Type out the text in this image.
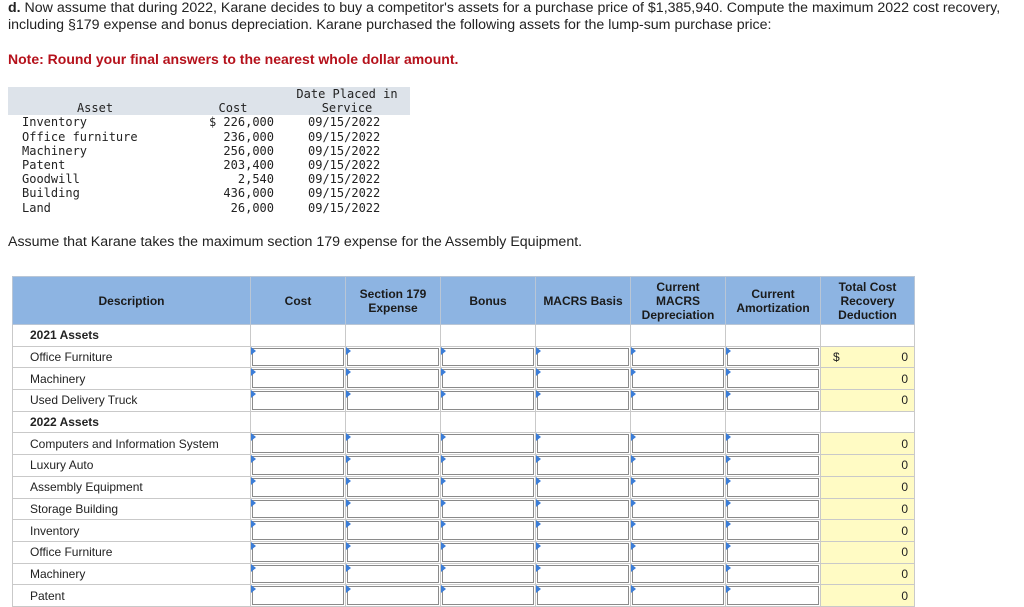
d. Now assume that during 2022, Karane decides to buy a competitor's assets for a purchase price of $1,385,940. Compute the maximum 2022 cost recovery, including §179 expense and bonus depreciation. Karane purchased the following assets for the lump-sum purchase price:
Note: Round your final answers to the nearest whole dollar amount.
Asset	Cost	Date Placed in
Service
Inventory	$ 226,000	09/15/2022
Office furniture	236,000	09/15/2022
Machinery	256,000	09/15/2022
Patent	203,400	09/15/2022
Goodwill	2,540	09/15/2022
Building	436,000	09/15/2022
Land	26,000	09/15/2022
Assume that Karane takes the maximum section 179 expense for the Assembly Equipment.
Description	Cost	Section 179 Expense	Bonus	MACRS Basis	Current MACRS Depreciation	Current Amortization	Total Cost Recovery Deduction
2021 Assets							
Office Furniture							$ 0
Machinery							0
Used Delivery Truck							0
2022 Assets							
Computers and Information System							0
Luxury Auto							0
Assembly Equipment							0
Storage Building							0
Inventory							0
Office Furniture							0
Machinery							0
Patent							0
